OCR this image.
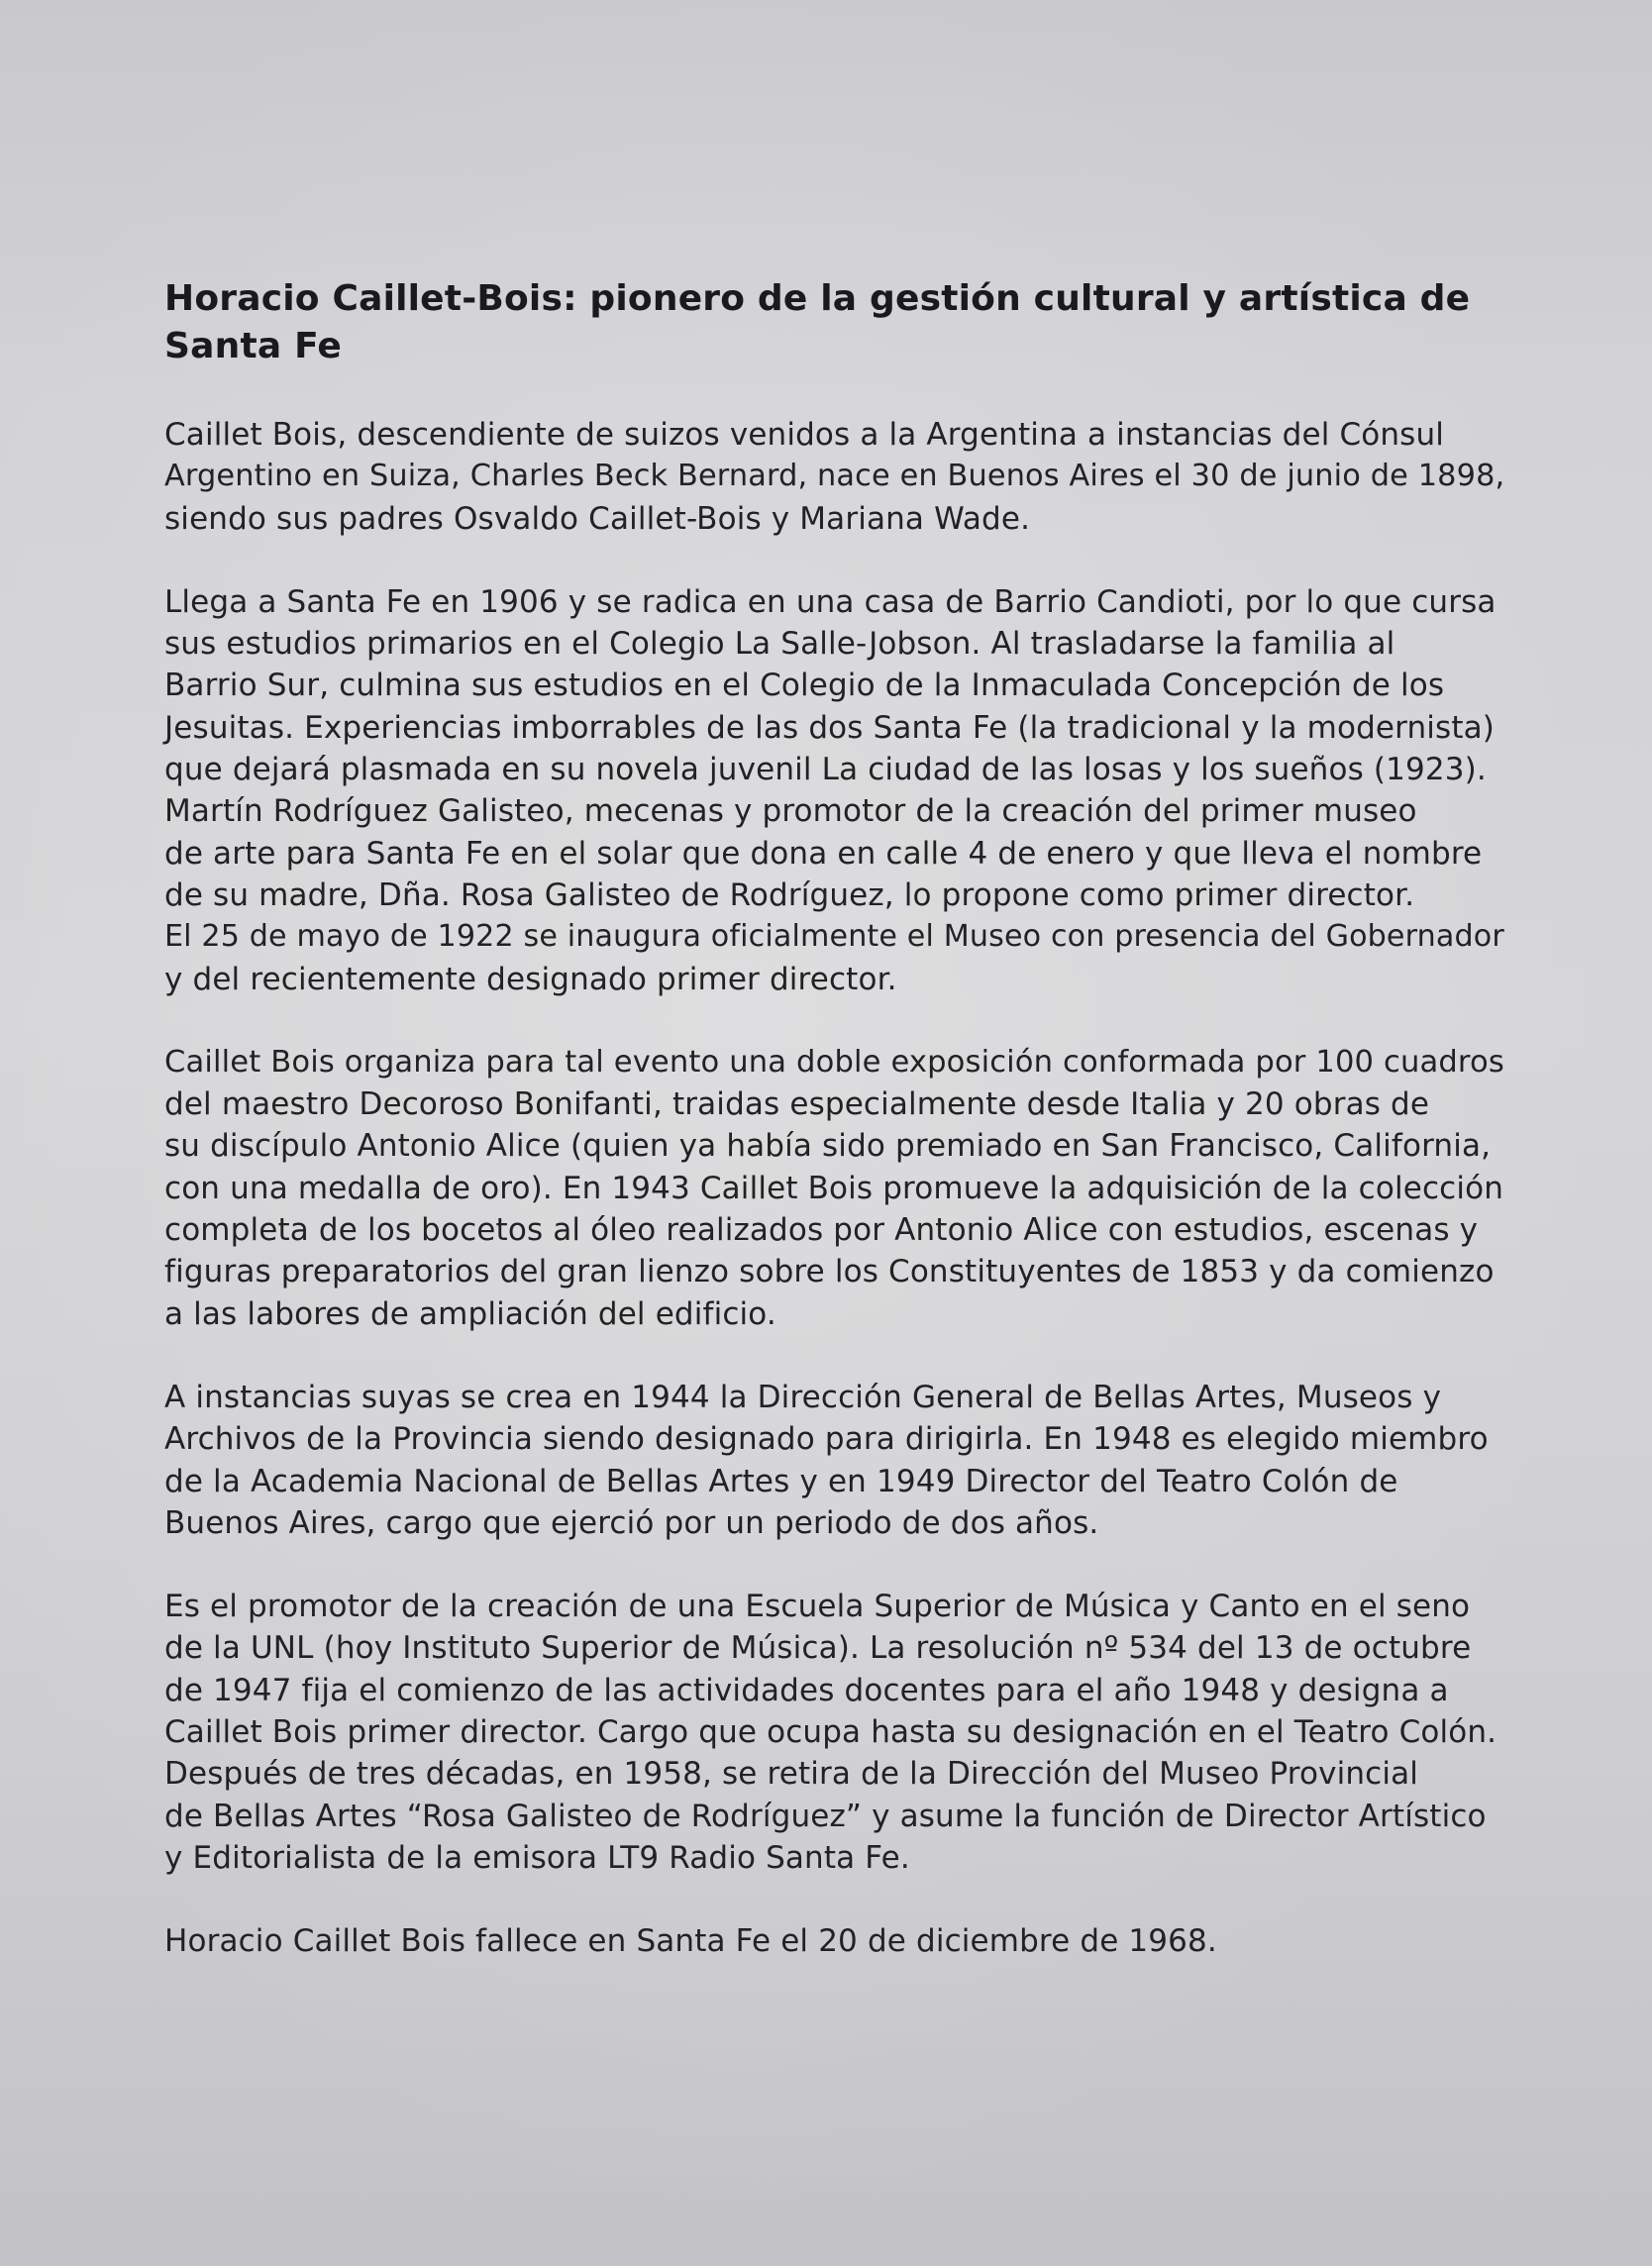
Horacio Caillet-Bois: pionero de la gestión cultural y artística de
Santa Fe

Caillet Bois, descendiente de suizos venidos a la Argentina a instancias del Cónsul
Argentino en Suiza, Charles Beck Bernard, nace en Buenos Aires el 30 de junio de 1898,
siendo sus padres Osvaldo Caillet-Bois y Mariana Wade.

Llega a Santa Fe en 1906 y se radica en una casa de Barrio Candioti, por lo que cursa
sus estudios primarios en el Colegio La Salle-Jobson. Al trasladarse la familia al
Barrio Sur, culmina sus estudios en el Colegio de la Inmaculada Concepción de los
Jesuitas. Experiencias imborrables de las dos Santa Fe (la tradicional y la modernista)
que dejará plasmada en su novela juvenil La ciudad de las losas y los sueños (1923).
Martín Rodríguez Galisteo, mecenas y promotor de la creación del primer museo
de arte para Santa Fe en el solar que dona en calle 4 de enero y que lleva el nombre
de su madre, Dña. Rosa Galisteo de Rodríguez, lo propone como primer director.
El 25 de mayo de 1922 se inaugura oficialmente el Museo con presencia del Gobernador
y del recientemente designado primer director.

Caillet Bois organiza para tal evento una doble exposición conformada por 100 cuadros
del maestro Decoroso Bonifanti, traidas especialmente desde Italia y 20 obras de
su discípulo Antonio Alice (quien ya había sido premiado en San Francisco, California,
con una medalla de oro). En 1943 Caillet Bois promueve la adquisición de la colección
completa de los bocetos al óleo realizados por Antonio Alice con estudios, escenas y
figuras preparatorios del gran lienzo sobre los Constituyentes de 1853 y da comienzo
a las labores de ampliación del edificio.

A instancias suyas se crea en 1944 la Dirección General de Bellas Artes, Museos y
Archivos de la Provincia siendo designado para dirigirla. En 1948 es elegido miembro
de la Academia Nacional de Bellas Artes y en 1949 Director del Teatro Colón de
Buenos Aires, cargo que ejerció por un periodo de dos años.

Es el promotor de la creación de una Escuela Superior de Música y Canto en el seno
de la UNL (hoy Instituto Superior de Música). La resolución nº 534 del 13 de octubre
de 1947 fija el comienzo de las actividades docentes para el año 1948 y designa a
Caillet Bois primer director. Cargo que ocupa hasta su designación en el Teatro Colón.
Después de tres décadas, en 1958, se retira de la Dirección del Museo Provincial
de Bellas Artes “Rosa Galisteo de Rodríguez” y asume la función de Director Artístico
y Editorialista de la emisora LT9 Radio Santa Fe.

Horacio Caillet Bois fallece en Santa Fe el 20 de diciembre de 1968.
